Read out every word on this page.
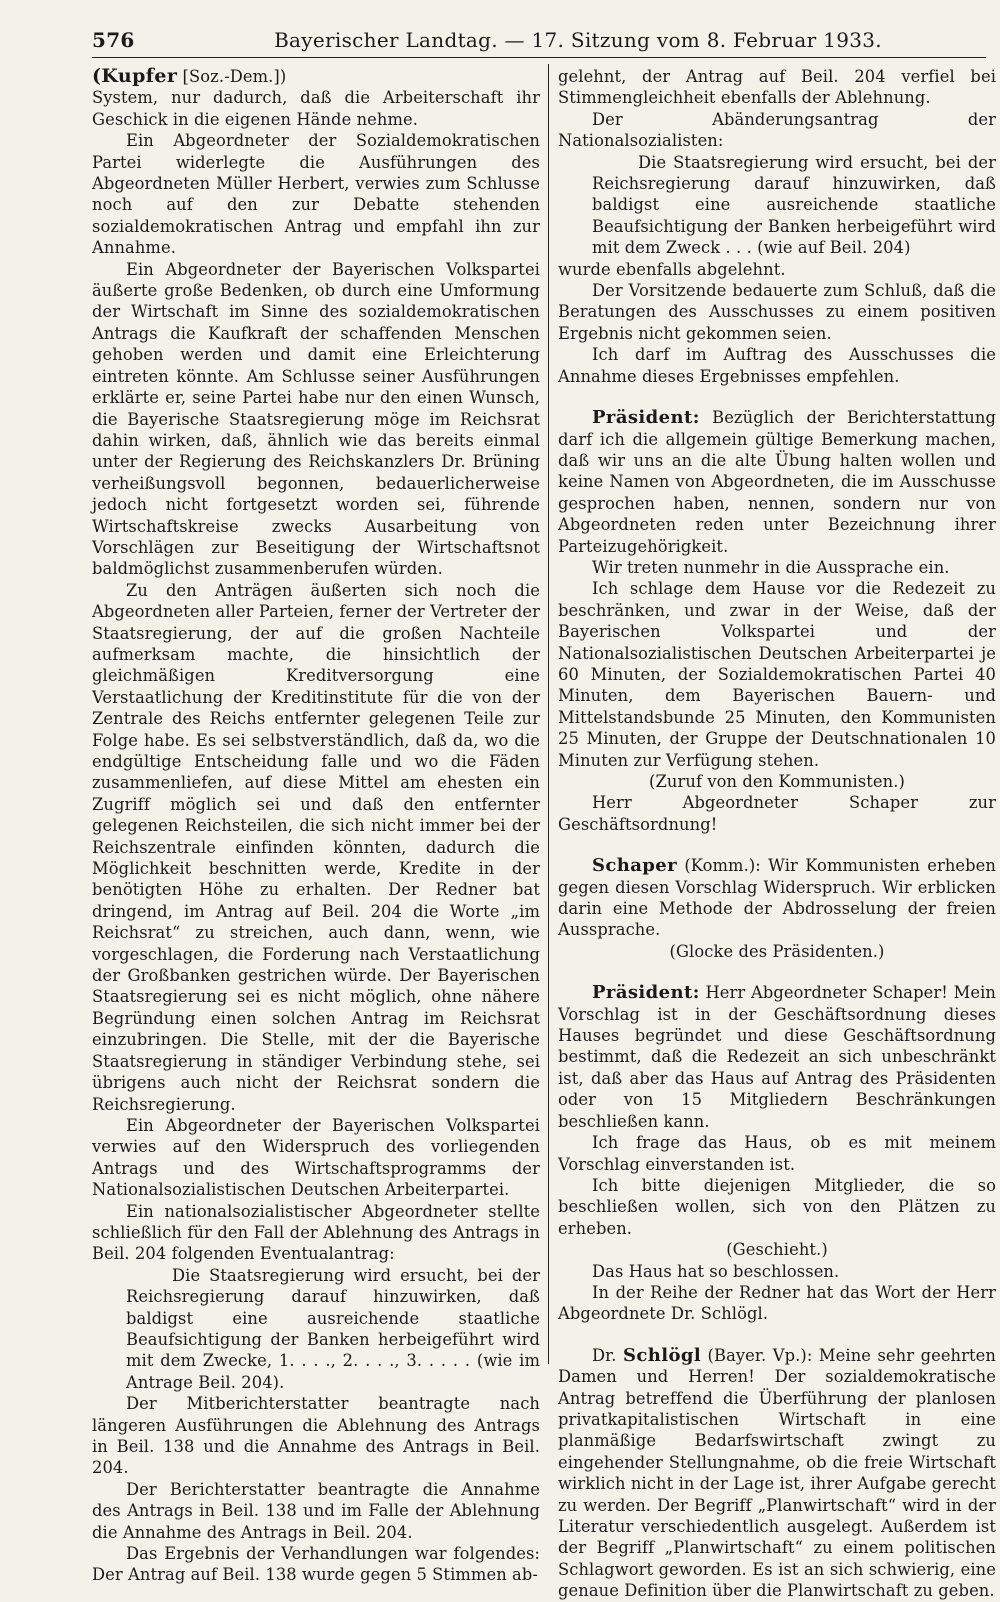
576	Bayerischer Landtag. — 17. Sitzung vom 8. Februar 1933.

(Kupfer [Soz.-Dem.])

System, nur dadurch, daß die Arbeiterschaft ihr Geschick in die eigenen Hände nehme.

Ein Abgeordneter der Sozialdemokratischen Partei widerlegte die Ausführungen des Abgeordneten Müller Herbert, verwies zum Schlusse noch auf den zur Debatte stehenden sozialdemokratischen Antrag und empfahl ihn zur Annahme.

Ein Abgeordneter der Bayerischen Volkspartei äußerte große Bedenken, ob durch eine Umformung der Wirtschaft im Sinne des sozialdemokratischen Antrags die Kaufkraft der schaffenden Menschen gehoben werden und damit eine Erleichterung eintreten könnte. Am Schlusse seiner Ausführungen erklärte er, seine Partei habe nur den einen Wunsch, die Bayerische Staatsregierung möge im Reichsrat dahin wirken, daß, ähnlich wie das bereits einmal unter der Regierung des Reichskanzlers Dr. Brüning verheißungsvoll begonnen, bedauerlicherweise jedoch nicht fortgesetzt worden sei, führende Wirtschaftskreise zwecks Ausarbeitung von Vorschlägen zur Beseitigung der Wirtschaftsnot baldmöglichst zusammenberufen würden.

Zu den Anträgen äußerten sich noch die Abgeordneten aller Parteien, ferner der Vertreter der Staatsregierung, der auf die großen Nachteile aufmerksam machte, die hinsichtlich der gleichmäßigen Kreditversorgung eine Verstaatlichung der Kreditinstitute für die von der Zentrale des Reichs entfernter gelegenen Teile zur Folge habe. Es sei selbstverständlich, daß da, wo die endgültige Entscheidung falle und wo die Fäden zusammenliefen, auf diese Mittel am ehesten ein Zugriff möglich sei und daß den entfernter gelegenen Reichsteilen, die sich nicht immer bei der Reichszentrale einfinden könnten, dadurch die Möglichkeit beschnitten werde, Kredite in der benötigten Höhe zu erhalten. Der Redner bat dringend, im Antrag auf Beil. 204 die Worte „im Reichsrat“ zu streichen, auch dann, wenn, wie vorgeschlagen, die Forderung nach Verstaatlichung der Großbanken gestrichen würde. Der Bayerischen Staatsregierung sei es nicht möglich, ohne nähere Begründung einen solchen Antrag im Reichsrat einzubringen. Die Stelle, mit der die Bayerische Staatsregierung in ständiger Verbindung stehe, sei übrigens auch nicht der Reichsrat sondern die Reichsregierung.

Ein Abgeordneter der Bayerischen Volkspartei verwies auf den Widerspruch des vorliegenden Antrags und des Wirtschaftsprogramms der Nationalsozialistischen Deutschen Arbeiterpartei.

Ein nationalsozialistischer Abgeordneter stellte schließlich für den Fall der Ablehnung des Antrags in Beil. 204 folgenden Eventualantrag:

Die Staatsregierung wird ersucht, bei der Reichsregierung darauf hinzuwirken, daß baldigst eine ausreichende staatliche Beaufsichtigung der Banken herbeigeführt wird mit dem Zwecke, 1. . . ., 2. . . ., 3. . . . . (wie im Antrage Beil. 204).

Der Mitberichterstatter beantragte nach längeren Ausführungen die Ablehnung des Antrags in Beil. 138 und die Annahme des Antrags in Beil. 204.

Der Berichterstatter beantragte die Annahme des Antrags in Beil. 138 und im Falle der Ablehnung die Annahme des Antrags in Beil. 204.

Das Ergebnis der Verhandlungen war folgendes: Der Antrag auf Beil. 138 wurde gegen 5 Stimmen ab-

gelehnt, der Antrag auf Beil. 204 verfiel bei Stimmengleichheit ebenfalls der Ablehnung.

Der Abänderungsantrag der Nationalsozialisten:

Die Staatsregierung wird ersucht, bei der Reichsregierung darauf hinzuwirken, daß baldigst eine ausreichende staatliche Beaufsichtigung der Banken herbeigeführt wird mit dem Zweck . . . (wie auf Beil. 204)

wurde ebenfalls abgelehnt.

Der Vorsitzende bedauerte zum Schluß, daß die Beratungen des Ausschusses zu einem positiven Ergebnis nicht gekommen seien.

Ich darf im Auftrag des Ausschusses die Annahme dieses Ergebnisses empfehlen.

Präsident: Bezüglich der Berichterstattung darf ich die allgemein gültige Bemerkung machen, daß wir uns an die alte Übung halten wollen und keine Namen von Abgeordneten, die im Ausschusse gesprochen haben, nennen, sondern nur von Abgeordneten reden unter Bezeichnung ihrer Parteizugehörigkeit.

Wir treten nunmehr in die Aussprache ein.

Ich schlage dem Hause vor die Redezeit zu beschränken, und zwar in der Weise, daß der Bayerischen Volkspartei und der Nationalsozialistischen Deutschen Arbeiterpartei je 60 Minuten, der Sozialdemokratischen Partei 40 Minuten, dem Bayerischen Bauern- und Mittelstandsbunde 25 Minuten, den Kommunisten 25 Minuten, der Gruppe der Deutschnationalen 10 Minuten zur Verfügung stehen.

(Zuruf von den Kommunisten.)

Herr Abgeordneter Schaper zur Geschäftsordnung!

Schaper (Komm.): Wir Kommunisten erheben gegen diesen Vorschlag Widerspruch. Wir erblicken darin eine Methode der Abdrosselung der freien Aussprache.

(Glocke des Präsidenten.)

Präsident: Herr Abgeordneter Schaper! Mein Vorschlag ist in der Geschäftsordnung dieses Hauses begründet und diese Geschäftsordnung bestimmt, daß die Redezeit an sich unbeschränkt ist, daß aber das Haus auf Antrag des Präsidenten oder von 15 Mitgliedern Beschränkungen beschließen kann.

Ich frage das Haus, ob es mit meinem Vorschlag einverstanden ist.

Ich bitte diejenigen Mitglieder, die so beschließen wollen, sich von den Plätzen zu erheben.

(Geschieht.)

Das Haus hat so beschlossen.

In der Reihe der Redner hat das Wort der Herr Abgeordnete Dr. Schlögl.

Dr. Schlögl (Bayer. Vp.): Meine sehr geehrten Damen und Herren! Der sozialdemokratische Antrag betreffend die Überführung der planlosen privatkapitalistischen Wirtschaft in eine planmäßige Bedarfswirtschaft zwingt zu eingehender Stellungnahme, ob die freie Wirtschaft wirklich nicht in der Lage ist, ihrer Aufgabe gerecht zu werden. Der Begriff „Planwirtschaft“ wird in der Literatur verschiedentlich ausgelegt. Außerdem ist der Begriff „Planwirtschaft“ zu einem politischen Schlagwort geworden. Es ist an sich schwierig, eine genaue Definition über die Planwirtschaft zu geben.
